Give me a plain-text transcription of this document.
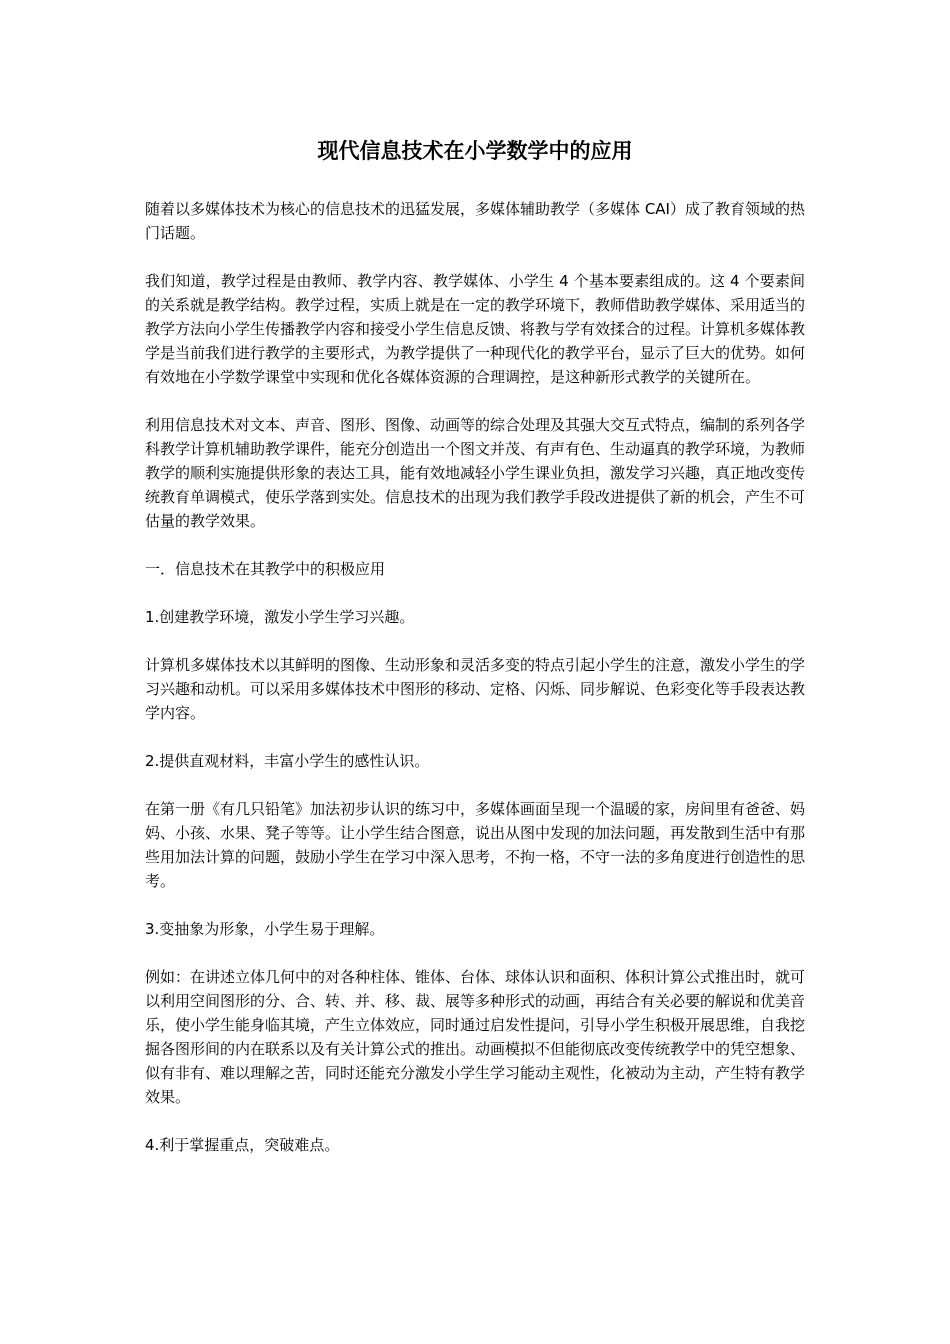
现代信息技术在小学数学中的应用

随着以多媒体技术为核心的信息技术的迅猛发展，多媒体辅助教学（多媒体 CAI）成了教育领域的热门话题。

我们知道，教学过程是由教师、教学内容、教学媒体、小学生 4 个基本要素组成的。这 4 个要素间的关系就是教学结构。教学过程，实质上就是在一定的教学环境下，教师借助教学媒体、采用适当的教学方法向小学生传播教学内容和接受小学生信息反馈、将教与学有效揉合的过程。计算机多媒体教学是当前我们进行教学的主要形式，为教学提供了一种现代化的教学平台，显示了巨大的优势。如何有效地在小学数学课堂中实现和优化各媒体资源的合理调控，是这种新形式教学的关键所在。

利用信息技术对文本、声音、图形、图像、动画等的综合处理及其强大交互式特点，编制的系列各学科教学计算机辅助教学课件，能充分创造出一个图文并茂、有声有色、生动逼真的教学环境，为教师教学的顺利实施提供形象的表达工具，能有效地减轻小学生课业负担，激发学习兴趣，真正地改变传统教育单调模式，使乐学落到实处。信息技术的出现为我们教学手段改进提供了新的机会，产生不可估量的教学效果。

一．信息技术在其教学中的积极应用

1.创建教学环境，激发小学生学习兴趣。

计算机多媒体技术以其鲜明的图像、生动形象和灵活多变的特点引起小学生的注意，激发小学生的学习兴趣和动机。可以采用多媒体技术中图形的移动、定格、闪烁、同步解说、色彩变化等手段表达教学内容。

2.提供直观材料，丰富小学生的感性认识。

在第一册《有几只铅笔》加法初步认识的练习中，多媒体画面呈现一个温暖的家，房间里有爸爸、妈妈、小孩、水果、凳子等等。让小学生结合图意，说出从图中发现的加法问题，再发散到生活中有那些用加法计算的问题，鼓励小学生在学习中深入思考，不拘一格，不守一法的多角度进行创造性的思考。

3.变抽象为形象，小学生易于理解。

例如：在讲述立体几何中的对各种柱体、锥体、台体、球体认识和面积、体积计算公式推出时，就可以利用空间图形的分、合、转、并、移、裁、展等多种形式的动画，再结合有关必要的解说和优美音乐，使小学生能身临其境，产生立体效应，同时通过启发性提问，引导小学生积极开展思维，自我挖掘各图形间的内在联系以及有关计算公式的推出。动画模拟不但能彻底改变传统教学中的凭空想象、似有非有、难以理解之苦，同时还能充分激发小学生学习能动主观性，化被动为主动，产生特有教学效果。

4.利于掌握重点，突破难点。
